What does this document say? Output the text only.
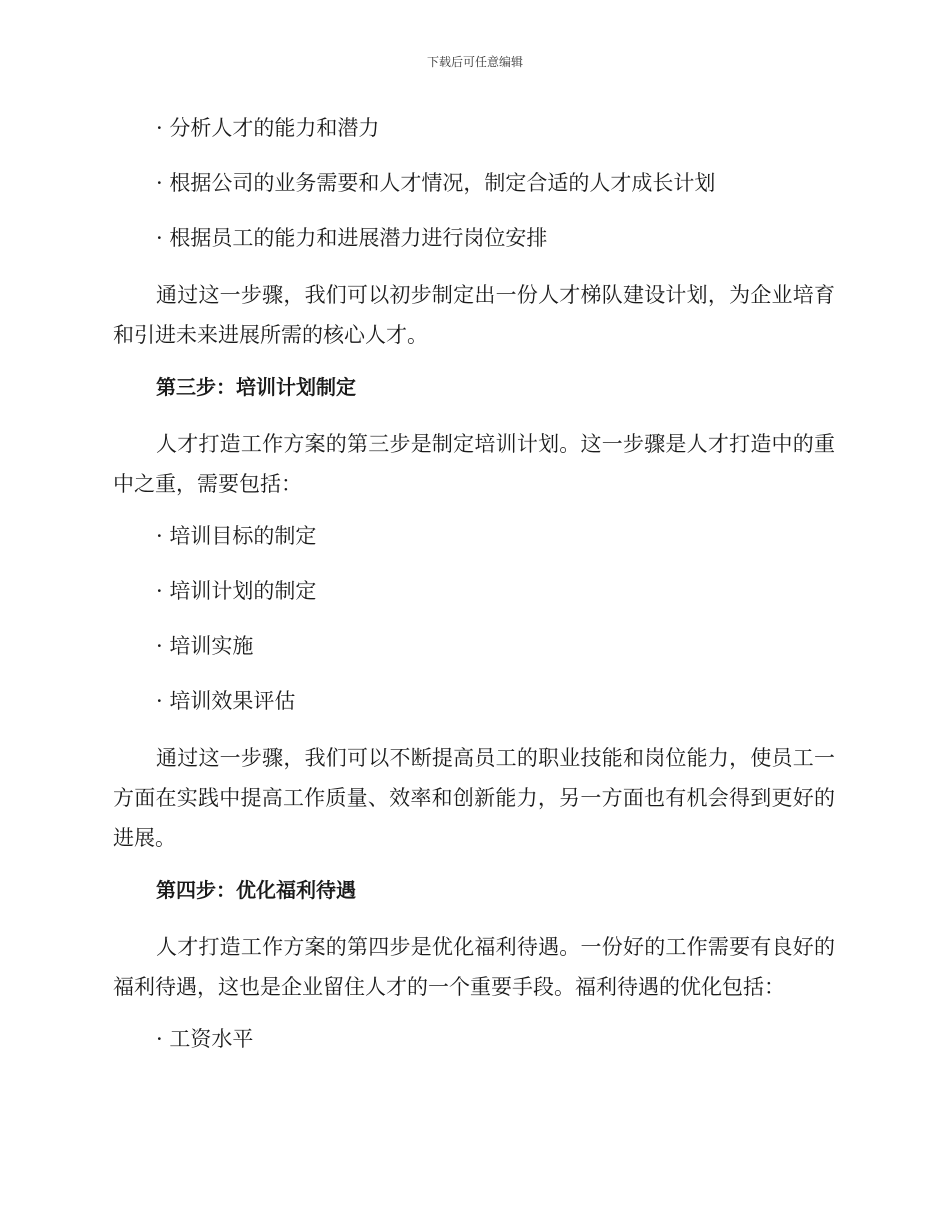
下载后可任意编辑

· 分析人才的能力和潜力

· 根据公司的业务需要和人才情况，制定合适的人才成长计划

· 根据员工的能力和进展潜力进行岗位安排

通过这一步骤，我们可以初步制定出一份人才梯队建设计划，为企业培育和引进未来进展所需的核心人才。

第三步：培训计划制定

人才打造工作方案的第三步是制定培训计划。这一步骤是人才打造中的重中之重，需要包括：

· 培训目标的制定

· 培训计划的制定

· 培训实施

· 培训效果评估

通过这一步骤，我们可以不断提高员工的职业技能和岗位能力，使员工一方面在实践中提高工作质量、效率和创新能力，另一方面也有机会得到更好的进展。

第四步：优化福利待遇

人才打造工作方案的第四步是优化福利待遇。一份好的工作需要有良好的福利待遇，这也是企业留住人才的一个重要手段。福利待遇的优化包括：

· 工资水平
